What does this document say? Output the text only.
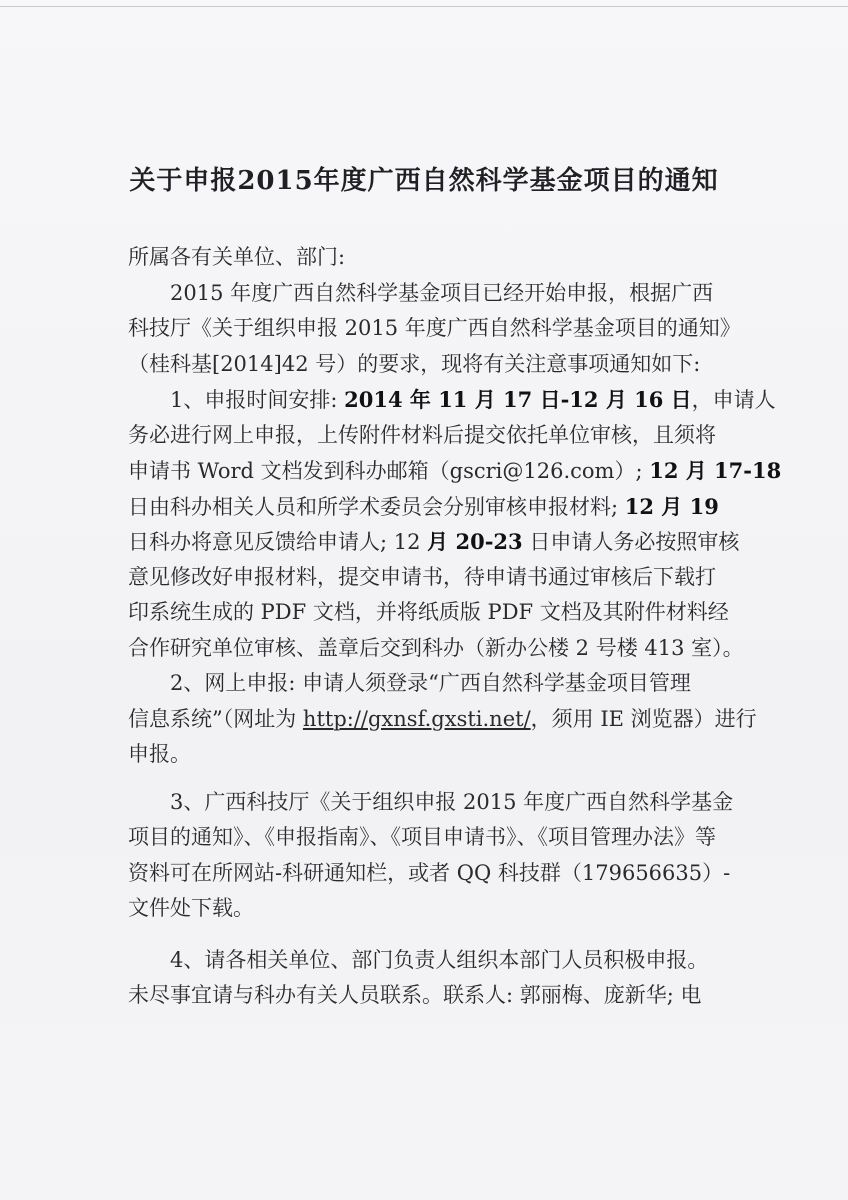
关于申报2015年度广西自然科学基金项目的通知
所属各有关单位、部门:
2015 年度广西自然科学基金项目已经开始申报，根据广西
科技厅《关于组织申报 2015 年度广西自然科学基金项目的通知》
（桂科基[2014]42 号）的要求，现将有关注意事项通知如下:
1、申报时间安排: 2014 年 11 月 17 日-12 月 16 日，申请人
务必进行网上申报，上传附件材料后提交依托单位审核，且须将
申请书 Word 文档发到科办邮箱（gscri@126.com）; 12 月 17-18
日由科办相关人员和所学术委员会分别审核申报材料; 12 月 19
日科办将意见反馈给申请人; 12 月 20-23 日申请人务必按照审核
意见修改好申报材料，提交申请书，待申请书通过审核后下载打
印系统生成的 PDF 文档，并将纸质版 PDF 文档及其附件材料经
合作研究单位审核、盖章后交到科办（新办公楼 2 号楼 413 室）。
2、网上申报: 申请人须登录“广西自然科学基金项目管理
信息系统”（网址为 http://gxnsf.gxsti.net/，须用 IE 浏览器）进行
申报。
3、广西科技厅《关于组织申报 2015 年度广西自然科学基金
项目的通知》、《申报指南》、《项目申请书》、《项目管理办法》等
资料可在所网站-科研通知栏，或者 QQ 科技群（179656635）-
文件处下载。
4、请各相关单位、部门负责人组织本部门人员积极申报。
未尽事宜请与科办有关人员联系。联系人: 郭丽梅、庞新华; 电
